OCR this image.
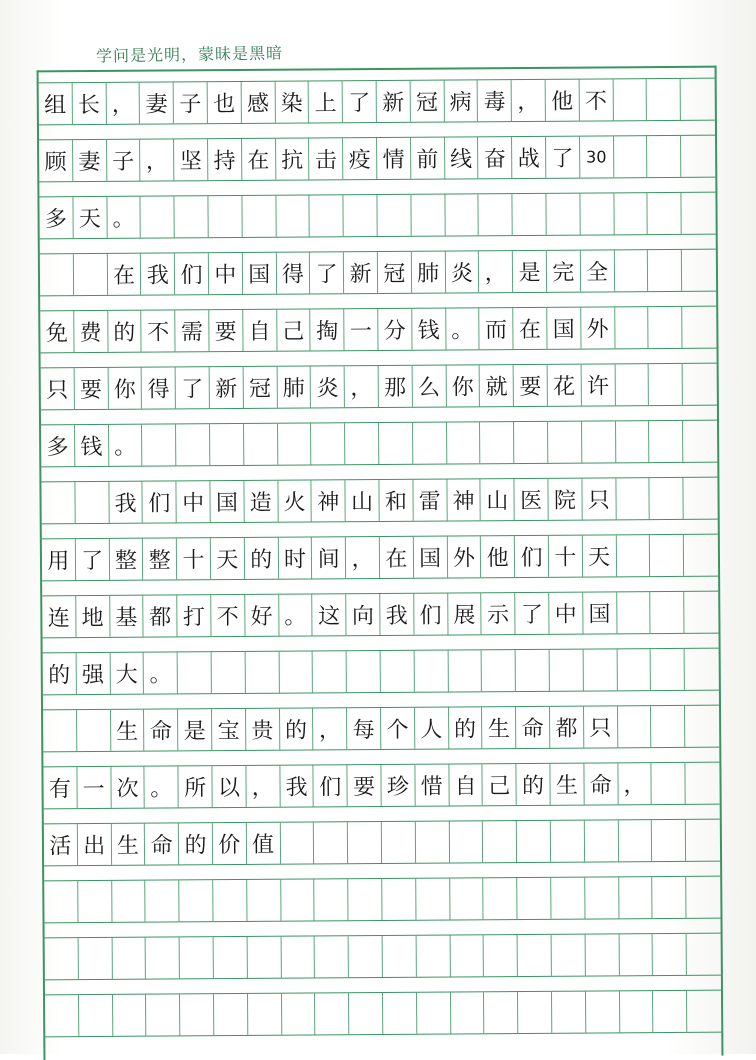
学问是光明，蒙昧是黑暗
组 长 ， 妻 子 也 感 染 上 了 新 冠 病 毒 ， 他 不
顾 妻 子 ， 坚 持 在 抗 击 疫 情 前 线 奋 战 了 30
多 天 。
在 我 们 中 国 得 了 新 冠 肺 炎 ， 是 完 全
免 费 的 不 需 要 自 己 掏 一 分 钱 。 而 在 国 外
只 要 你 得 了 新 冠 肺 炎 ， 那 么 你 就 要 花 许
多 钱 。
我 们 中 国 造 火 神 山 和 雷 神 山 医 院 只
用 了 整 整 十 天 的 时 间 ， 在 国 外 他 们 十 天
连 地 基 都 打 不 好 。 这 向 我 们 展 示 了 中 国
的 强 大 。
生 命 是 宝 贵 的 ， 每 个 人 的 生 命 都 只
有 一 次 。 所 以 ， 我 们 要 珍 惜 自 己 的 生 命 ，
活 出 生 命 的 价 值
